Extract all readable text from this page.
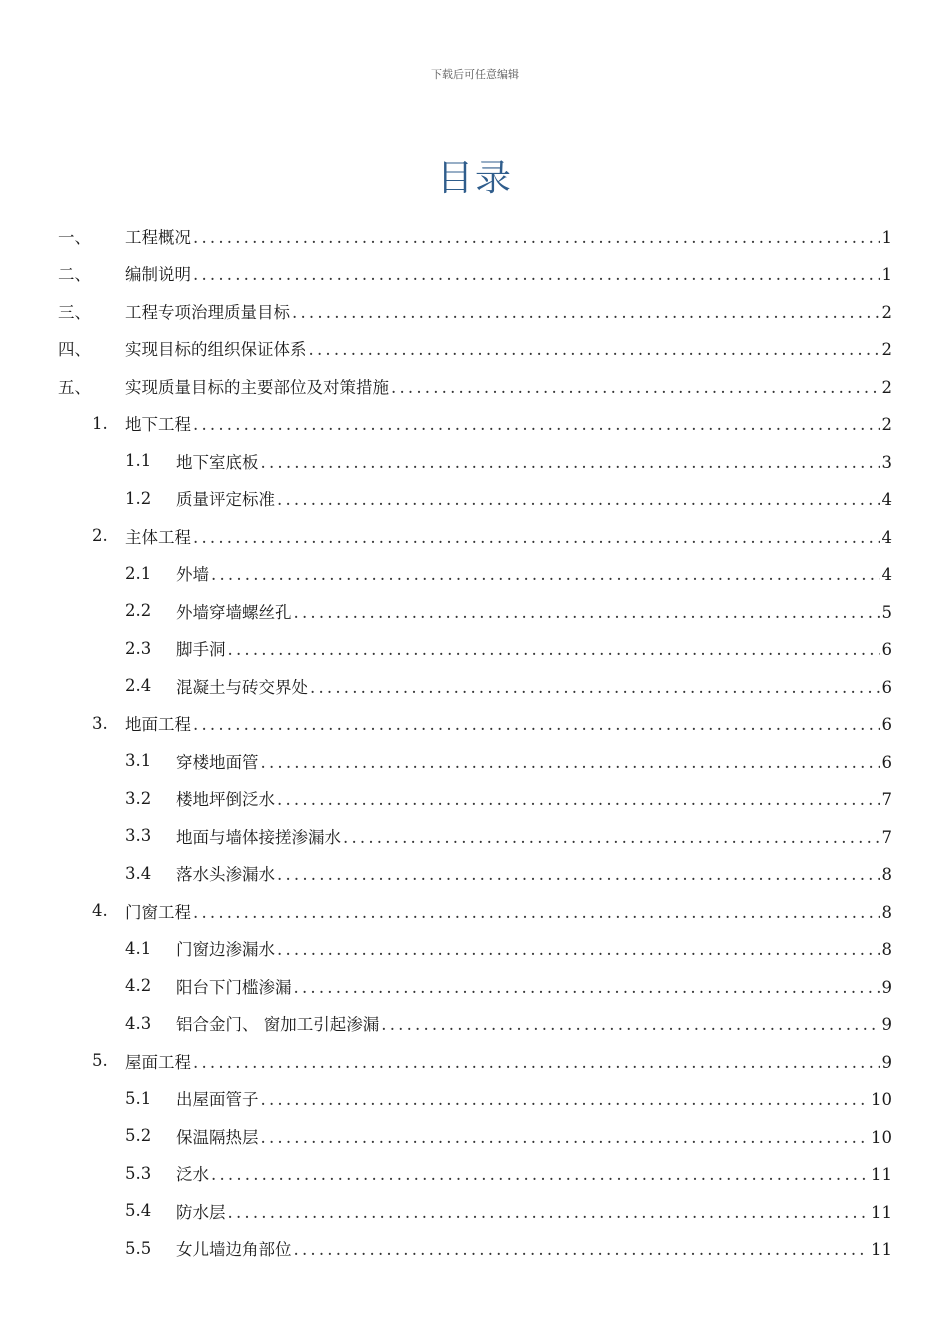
下载后可任意编辑
目录
一、 工程概况 .....	1
二、 编制说明 .....	1
三、 工程专项治理质量目标 .....	2
四、 实现目标的组织保证体系 .....	2
五、 实现质量目标的主要部位及对策措施 .....	2
1. 地下工程 .....	2
1.1 地下室底板 .....	3
1.2 质量评定标准 .....	4
2. 主体工程 .....	4
2.1 外墙 .....	4
2.2 外墙穿墙螺丝孔 .....	5
2.3 脚手洞 .....	6
2.4 混凝土与砖交界处 .....	6
3. 地面工程 .....	6
3.1 穿楼地面管 .....	6
3.2 楼地坪倒泛水 .....	7
3.3 地面与墙体接搓渗漏水 .....	7
3.4 落水头渗漏水 .....	8
4. 门窗工程 .....	8
4.1 门窗边渗漏水 .....	8
4.2 阳台下门槛渗漏 .....	9
4.3 铝合金门、 窗加工引起渗漏 .....	9
5. 屋面工程 .....	9
5.1 出屋面管子 .....	10
5.2 保温隔热层 .....	10
5.3 泛水 .....	11
5.4 防水层 .....	11
5.5 女儿墙边角部位 .....	11
